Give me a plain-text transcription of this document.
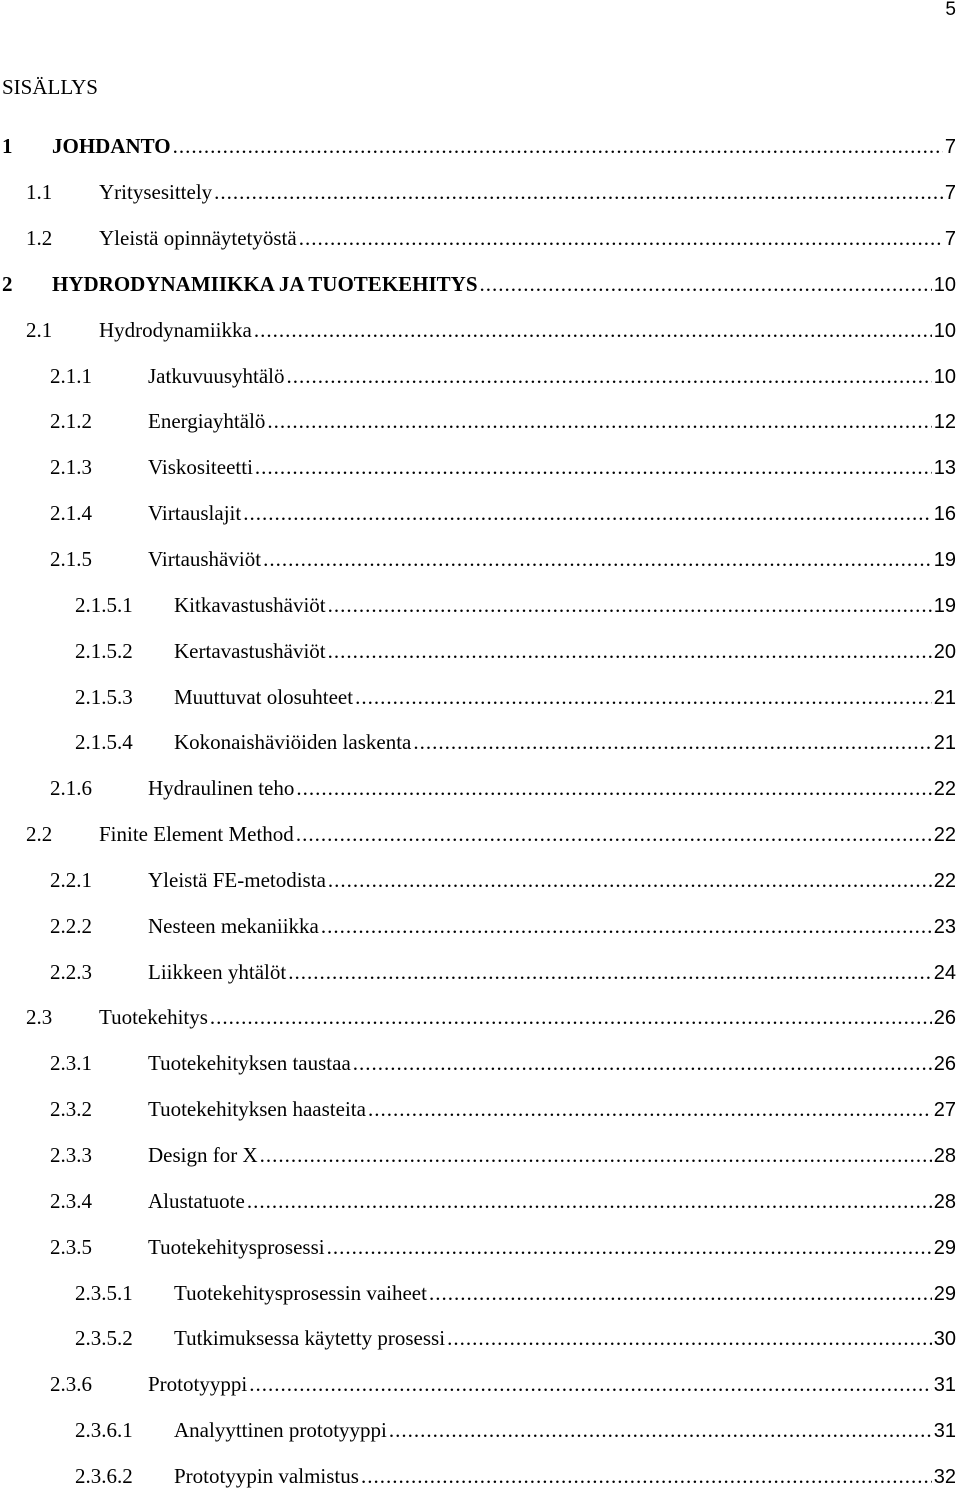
5
SISÄLLYS
1 JOHDANTO .....	7
1.1 Yritysesittely .....	7
1.2 Yleistä opinnäytetyöstä .....	7
2 HYDRODYNAMIIKKA JA TUOTEKEHITYS .....	10
2.1 Hydrodynamiikka .....	10
2.1.1	Jatkuvuusyhtälö .....	10
2.1.2	Energiayhtälö .....	12
2.1.3	Viskositeetti .....	13
2.1.4	Virtauslajit .....	16
2.1.5	Virtaushäviöt .....	19
2.1.5.1 Kitkavastushäviöt .....	19
2.1.5.2 Kertavastushäviöt .....	20
2.1.5.3 Muuttuvat olosuhteet .....	21
2.1.5.4 Kokonaishäviöiden laskenta .....	21
2.1.6	Hydraulinen teho .....	22
2.2 Finite Element Method .....	22
2.2.1	Yleistä FE-metodista .....	22
2.2.2	Nesteen mekaniikka .....	23
2.2.3	Liikkeen yhtälöt .....	24
2.3 Tuotekehitys .....	26
2.3.1	Tuotekehityksen taustaa .....	26
2.3.2	Tuotekehityksen haasteita .....	27
2.3.3	Design for X .....	28
2.3.4	Alustatuote .....	28
2.3.5	Tuotekehitysprosessi .....	29
2.3.5.1 Tuotekehitysprosessin vaiheet .....	29
2.3.5.2 Tutkimuksessa käytetty prosessi .....	30
2.3.6	Prototyyppi .....	31
2.3.6.1 Analyyttinen prototyyppi .....	31
2.3.6.2 Prototyypin valmistus .....	32
